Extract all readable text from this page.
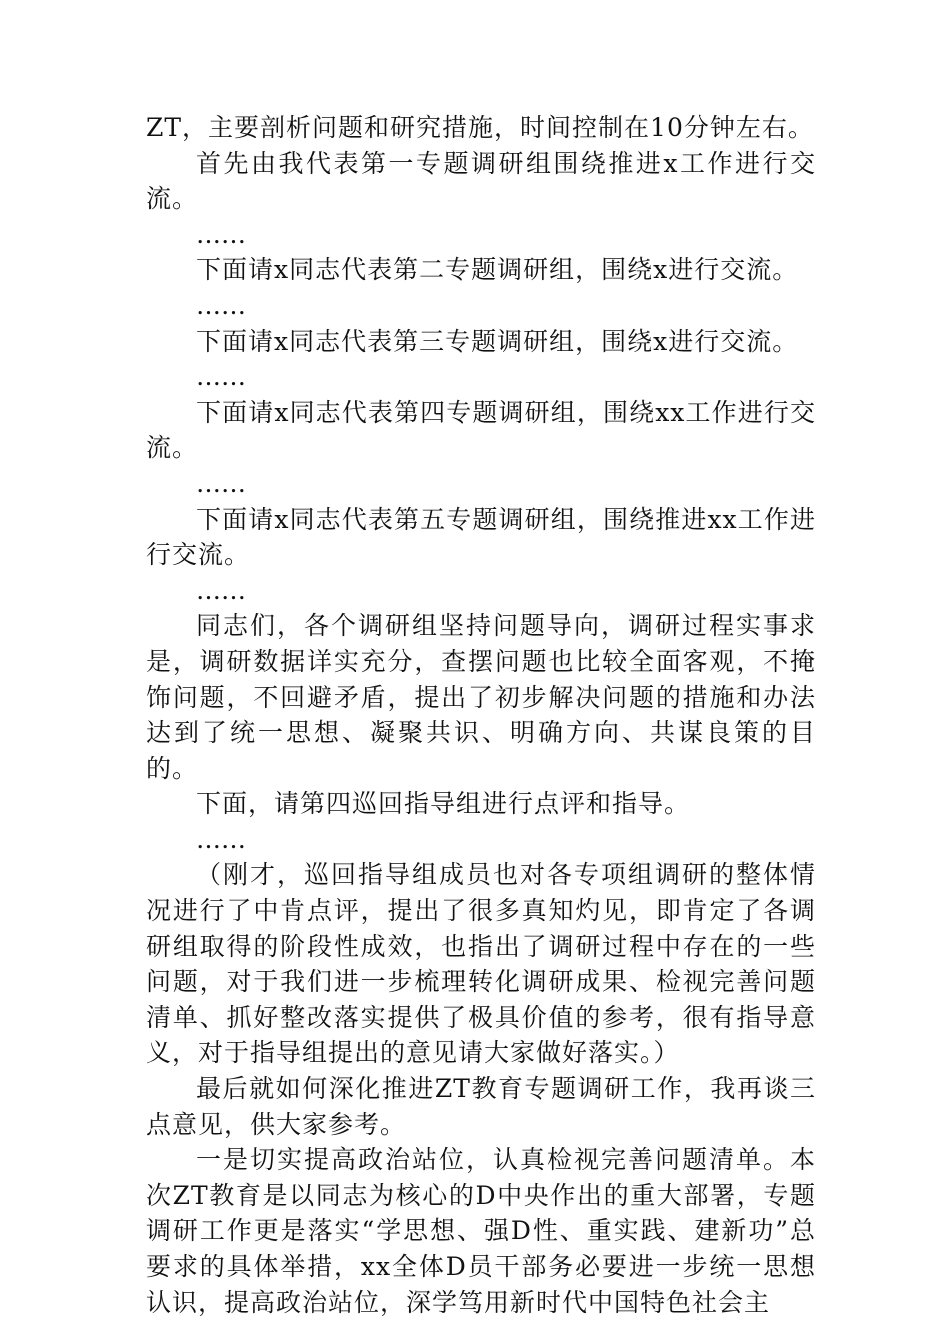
ZT，主要剖析问题和研究措施，时间控制在10分钟左右。

首先由我代表第一专题调研组围绕推进x工作进行交流。

……

下面请x同志代表第二专题调研组，围绕x进行交流。

……

下面请x同志代表第三专题调研组，围绕x进行交流。

……

下面请x同志代表第四专题调研组，围绕xx工作进行交流。

……

下面请x同志代表第五专题调研组，围绕推进xx工作进行交流。

……

同志们，各个调研组坚持问题导向，调研过程实事求是，调研数据详实充分，查摆问题也比较全面客观，不掩饰问题，不回避矛盾，提出了初步解决问题的措施和办法达到了统一思想、凝聚共识、明确方向、共谋良策的目的。

下面，请第四巡回指导组进行点评和指导。

……

（刚才，巡回指导组成员也对各专项组调研的整体情况进行了中肯点评，提出了很多真知灼见，即肯定了各调研组取得的阶段性成效，也指出了调研过程中存在的一些问题，对于我们进一步梳理转化调研成果、检视完善问题清单、抓好整改落实提供了极具价值的参考，很有指导意义，对于指导组提出的意见请大家做好落实。）

最后就如何深化推进ZT教育专题调研工作，我再谈三点意见，供大家参考。

一是切实提高政治站位，认真检视完善问题清单。本次ZT教育是以同志为核心的D中央作出的重大部署，专题调研工作更是落实“学思想、强D性、重实践、建新功”总要求的具体举措，xx全体D员干部务必要进一步统一思想认识，提高政治站位，深学笃用新时代中国特色社会主
